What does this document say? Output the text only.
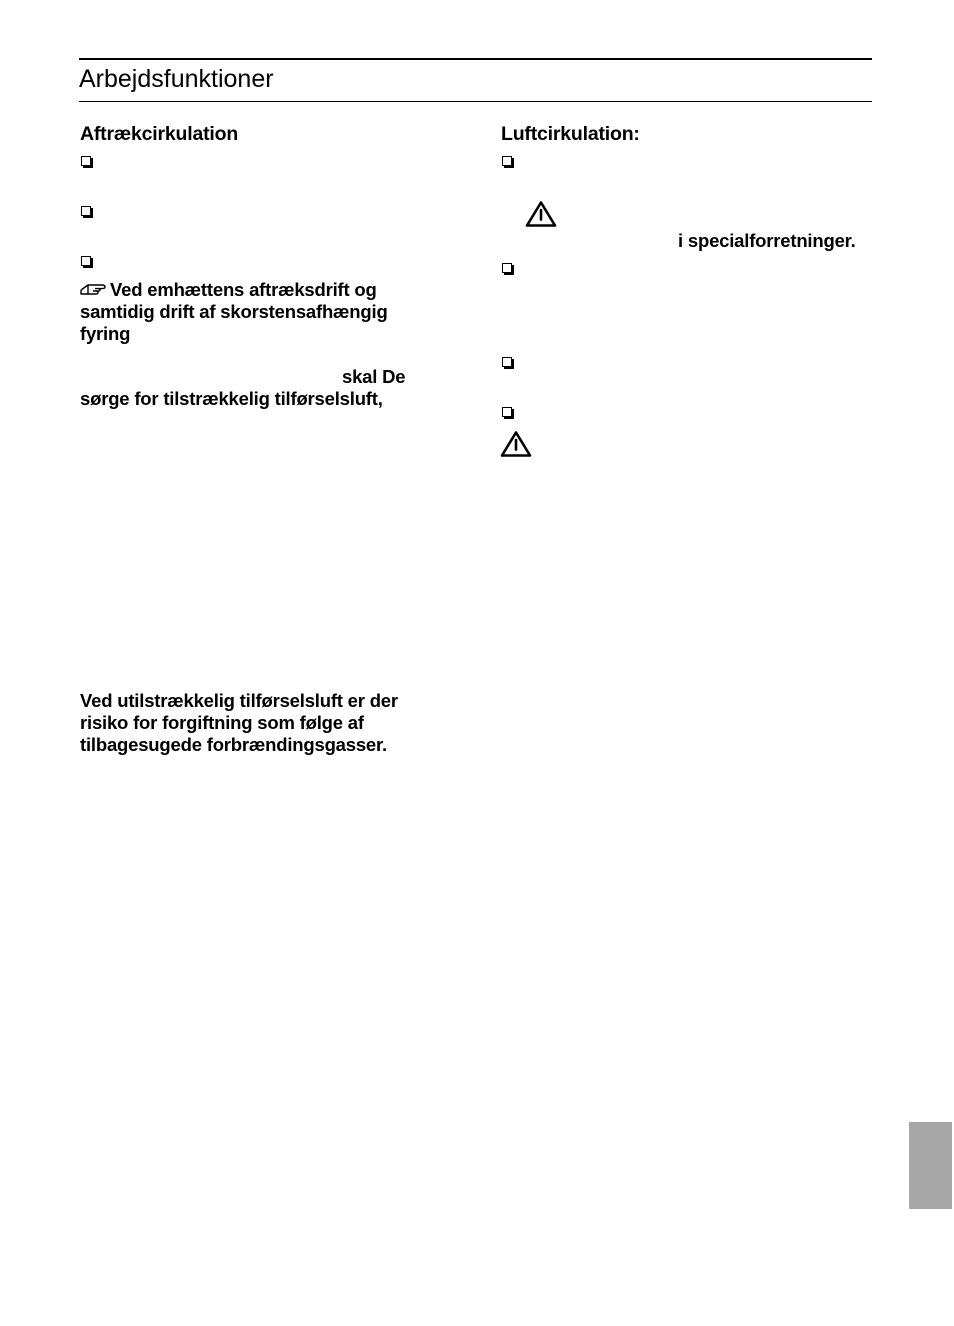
Arbejdsfunktioner
Aftrækcirkulation
Ved emhættens aftræksdrift og
samtidig drift af skorstensafhængig
fyring
skal De
sørge for tilstrækkelig tilførselsluft,
Ved utilstrækkelig tilførselsluft er der
risiko for forgiftning som følge af
tilbagesugede forbrændingsgasser.
Luftcirkulation:
i specialforretninger.
